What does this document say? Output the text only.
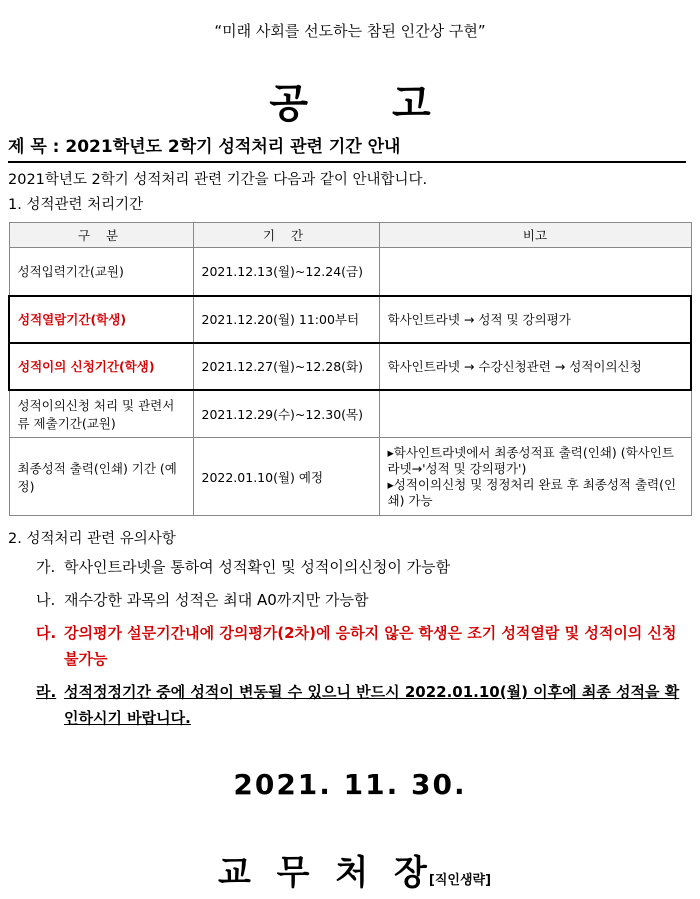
“미래 사회를 선도하는 참된 인간상 구현”
공 고
제 목 : 2021학년도 2학기 성적처리 관련 기간 안내
2021학년도 2학기 성적처리 관련 기간을 다음과 같이 안내합니다.
1. 성적관련 처리기간
구 분	기 간	비고
성적입력기간(교원)	2021.12.13(월)~12.24(금)	
성적열람기간(학생)	2021.12.20(월) 11:00부터	학사인트라넷 → 성적 및 강의평가
성적이의 신청기간(학생)	2021.12.27(월)~12.28(화)	학사인트라넷 → 수강신청관련 → 성적이의신청
성적이의신청 처리 및 관련서류 제출기간(교원)	2021.12.29(수)~12.30(목)	
최종성적 출력(인쇄) 기간 (예정)	2022.01.10(월) 예정	▸학사인트라넷에서 최종성적표 출력(인쇄) (학사인트라넷→'성적 및 강의평가')
▸성적이의신청 및 정정처리 완료 후 최종성적 출력(인쇄) 가능
2. 성적처리 관련 유의사항
가. 학사인트라넷을 통하여 성적확인 및 성적이의신청이 가능함
나. 재수강한 과목의 성적은 최대 A0까지만 가능함
다. 강의평가 설문기간내에 강의평가(2차)에 응하지 않은 학생은 조기 성적열람 및 성적이의 신청 불가능
라. 성적정정기간 중에 성적이 변동될 수 있으니 반드시 2022.01.10(월) 이후에 최종 성적을 확인하시기 바랍니다.
2021. 11. 30.
교 무 처 장 [직인생략]
